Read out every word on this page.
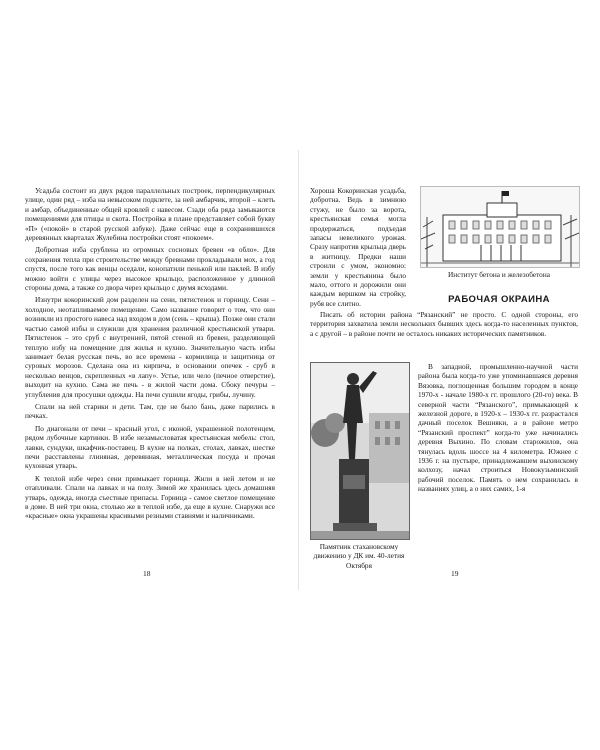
Усадьба состоит из двух рядов параллельных построек, перпендикулярных улице, один ряд – изба на невысоком подклете, за ней амбарчик, второй – клеть и амбар, объединенные общей кровлей с навесом. Сзади оба ряда замыкаются помещениями для птицы и скота. Постройка в плане представляет собой букву «П» («покой» в старой русской азбуке). Даже сейчас еще в сохранившихся деревянных кварталах Жулебина постройки стоят «покоем».

Добротная изба срублена из огромных сосновых бревен «в обло». Для сохранения тепла при строительстве между бревнами прокладывали мох, а год спустя, после того как венцы оседали, конопатили пенькой или паклей. В избу можно войти с улицы через высокое крыльцо, расположенное у длинной стороны дома, а также со двора через крыльцо с двумя всходами.

Изнутри кокоринский дом разделен на сени, пятистенок и горницу. Сени – холодное, неотапливаемое помещение. Само название говорит о том, что они возникли из простого навеса над входом в дом (сень – крыша). Позже они стали частью самой избы и служили для хранения различной крестьянской утвари. Пятистенок – это сруб с внутренней, пятой стеной из бревен, разделяющей теплую избу на помещение для жилья и кухню. Значительную часть избы занимает белая русская печь, во все времена - кормилица и защитница от суровых морозов. Сделана она из кирпича, в основании опечек - сруб в несколько венцов, скрепленных «в лапу». Устье, или чело (печное отверстие), выходит на кухню. Сама же печь - в жилой части дома. Сбоку печуры – углубления для просушки одежды. На печи сушили ягоды, грибы, лучину.

Спали на ней старики и дети. Там, где не было бань, даже парились в печках.

По диагонали от печи – красный угол, с иконой, украшенной полотенцем, рядом лубочные картинки. В избе незамысловатая крестьянская мебель: стол, лавки, сундуки, шкафчик-поставец. В кухне на полках, столах, лавках, шестке печи расставлены глиняная, деревянная, металлическая посуда и прочая кухонная утварь.

К теплой избе через сени примыкает горница. Жили в ней летом и не отапливали. Спали на лавках и на полу. Зимой же хранилась здесь домашняя утварь, одежда, иногда съестные припасы. Горница - самое светлое помещение в доме. В ней три окна, столько же в теплой избе, да еще в кухне. Снаружи все «красные» окна украшены красивыми резными ставнями и наличниками.

18

Хороша Кокоринская усадьба, добротна. Ведь в зимнюю стужу, не было за ворота, крестьянская семья могла продержаться, подъедая запасы невеликого урожая. Сразу напротив крыльца дверь в житницу. Предки наши строили с умом, экономно: земли у крестьянина было мало, оттого и дорожили они каждым вершком на стройку, рубя все слитно.

Институт бетона и железобетона
РАБОЧАЯ ОКРАИНА

Писать об истории района “Рязанский” не просто. С одной стороны, его территория захватила земли нескольких бывших здесь когда-то населенных пунктов, а с другой – в районе почти не осталось никаких исторических памятников.

Памятник стахановскому движению у ДК им. 40-летия Октября

В западной, промышленно-научной части района была когда-то уже упоминавшаяся деревня Вязовка, поглощенная большим городом в конце 1970-х - начале 1980-х гг. прошлого (20-го) века. В северной части “Рязанского”, примыкающей к железной дороге, в 1920-х – 1930-х гг. разрастался дачный поселок Вешняки, а в районе метро “Рязанский проспект” когда-то уже начинались деревня Выхино. По словам старожилов, она тянулась вдоль шоссе на 4 километра. Южнее с 1936 г. на пустыре, принадлежавшем выхинскому колхозу, начал строиться Новокузьминский рабочий поселок. Память о нем сохранилась в названиях улиц, а о них самих, 1-я

19
